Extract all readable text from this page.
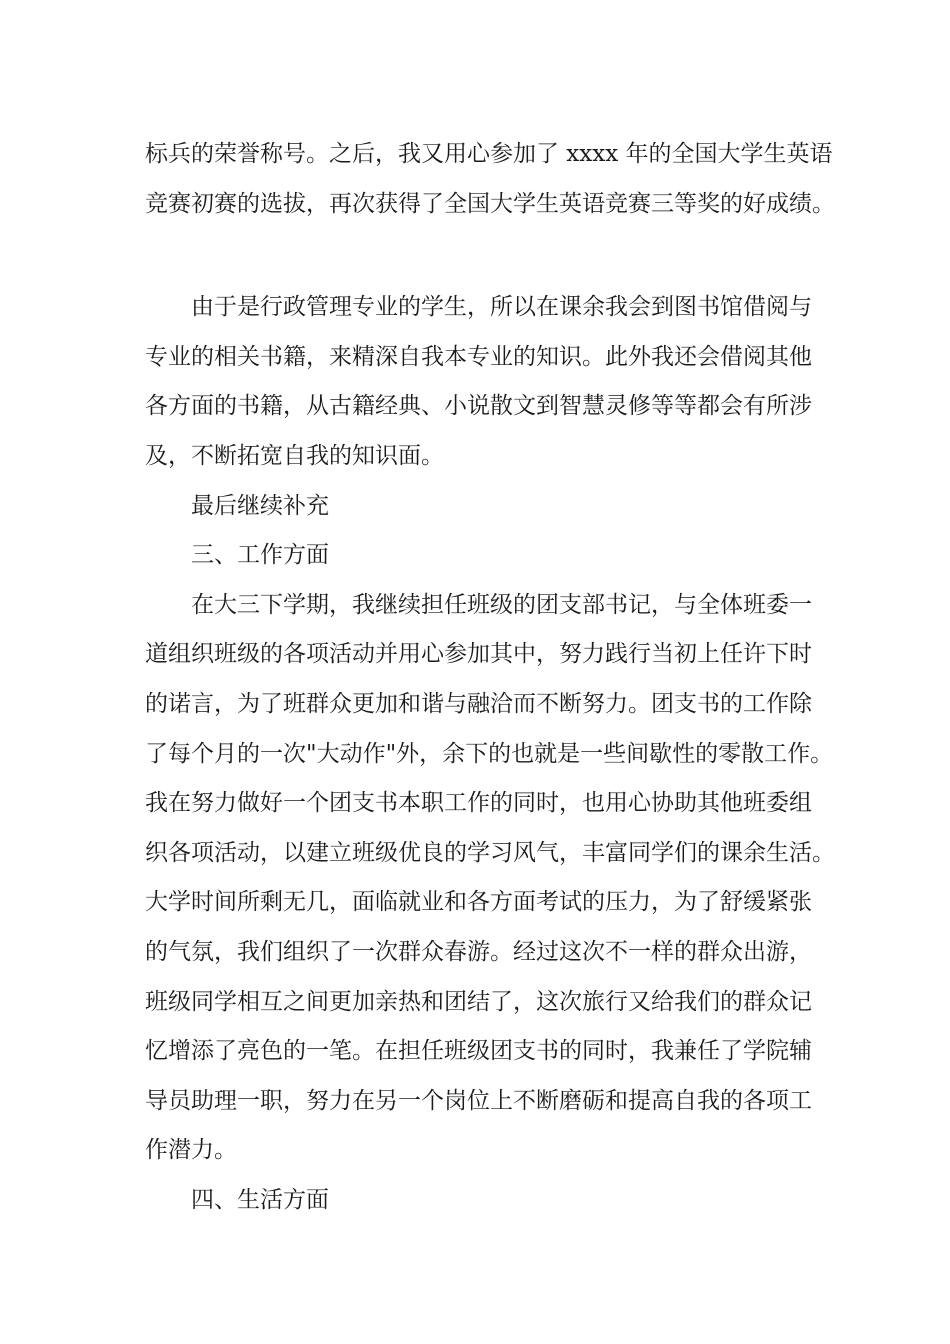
标兵的荣誉称号。之后，我又用心参加了 xxxx 年的全国大学生英语
竞赛初赛的选拔，再次获得了全国大学生英语竞赛三等奖的好成绩。
由于是行政管理专业的学生，所以在课余我会到图书馆借阅与
专业的相关书籍，来精深自我本专业的知识。此外我还会借阅其他
各方面的书籍，从古籍经典、小说散文到智慧灵修等等都会有所涉
及，不断拓宽自我的知识面。
最后继续补充
三、工作方面
在大三下学期，我继续担任班级的团支部书记，与全体班委一
道组织班级的各项活动并用心参加其中，努力践行当初上任许下时
的诺言，为了班群众更加和谐与融洽而不断努力。团支书的工作除
了每个月的一次"大动作"外，余下的也就是一些间歇性的零散工作。
我在努力做好一个团支书本职工作的同时，也用心协助其他班委组
织各项活动，以建立班级优良的学习风气，丰富同学们的课余生活。
大学时间所剩无几，面临就业和各方面考试的压力，为了舒缓紧张
的气氛，我们组织了一次群众春游。经过这次不一样的群众出游，
班级同学相互之间更加亲热和团结了，这次旅行又给我们的群众记
忆增添了亮色的一笔。在担任班级团支书的同时，我兼任了学院辅
导员助理一职，努力在另一个岗位上不断磨砺和提高自我的各项工
作潜力。
四、生活方面
